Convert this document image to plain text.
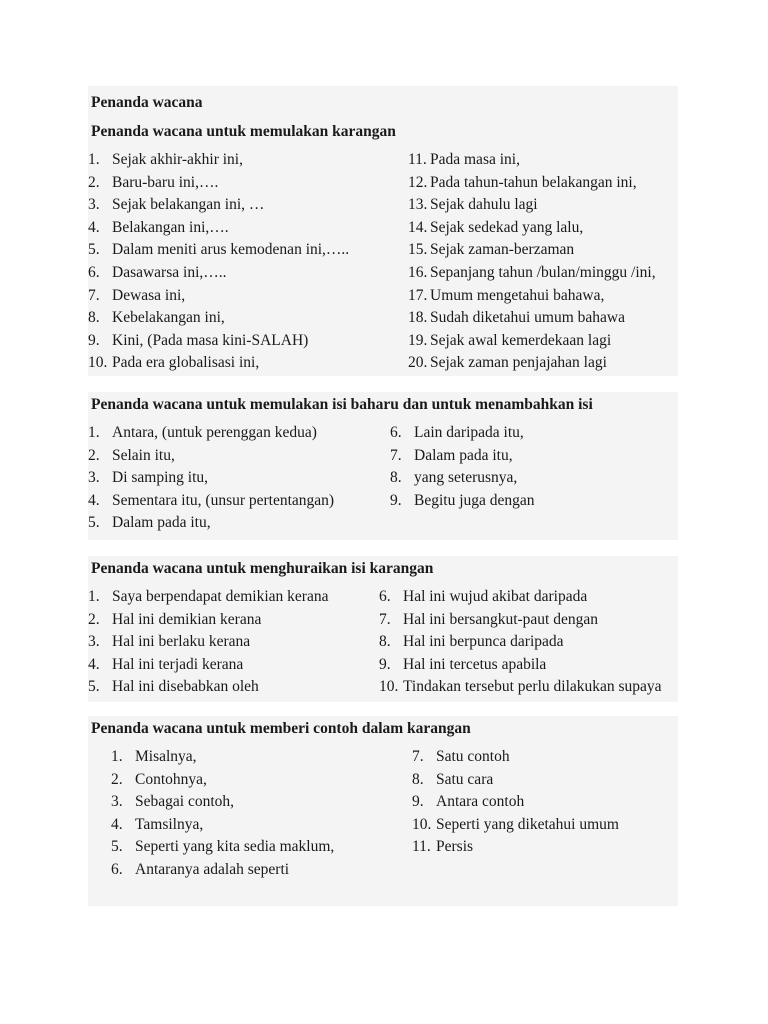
Penanda wacana
Penanda wacana untuk memulakan karangan
1. Sejak akhir-akhir ini,
2. Baru-baru ini,….
3. Sejak belakangan ini, …
4. Belakangan ini,….
5. Dalam meniti arus kemodenan ini,…..
6. Dasawarsa ini,…..
7. Dewasa ini,
8. Kebelakangan ini,
9. Kini, (Pada masa kini-SALAH)
10. Pada era globalisasi ini,
11. Pada masa ini,
12. Pada tahun-tahun belakangan ini,
13. Sejak dahulu lagi
14. Sejak sedekad yang lalu,
15. Sejak zaman-berzaman
16. Sepanjang tahun /bulan/minggu /ini,
17. Umum mengetahui bahawa,
18. Sudah diketahui umum bahawa
19. Sejak awal kemerdekaan lagi
20. Sejak zaman penjajahan lagi
Penanda wacana untuk memulakan isi baharu dan untuk menambahkan isi
1. Antara, (untuk perenggan kedua)
2. Selain itu,
3. Di samping itu,
4. Sementara itu, (unsur pertentangan)
5. Dalam pada itu,
6. Lain daripada itu,
7. Dalam pada itu,
8. yang seterusnya,
9. Begitu juga dengan
Penanda wacana untuk menghuraikan isi karangan
1. Saya berpendapat demikian kerana
2. Hal ini demikian kerana
3. Hal ini berlaku kerana
4. Hal ini terjadi kerana
5. Hal ini disebabkan oleh
6. Hal ini wujud akibat daripada
7. Hal ini bersangkut-paut dengan
8. Hal ini berpunca daripada
9. Hal ini tercetus apabila
10. Tindakan tersebut perlu dilakukan supaya
Penanda wacana untuk memberi contoh dalam karangan
1. Misalnya,
2. Contohnya,
3. Sebagai contoh,
4. Tamsilnya,
5. Seperti yang kita sedia maklum,
6. Antaranya adalah seperti
7. Satu contoh
8. Satu cara
9. Antara contoh
10. Seperti yang diketahui umum
11. Persis
